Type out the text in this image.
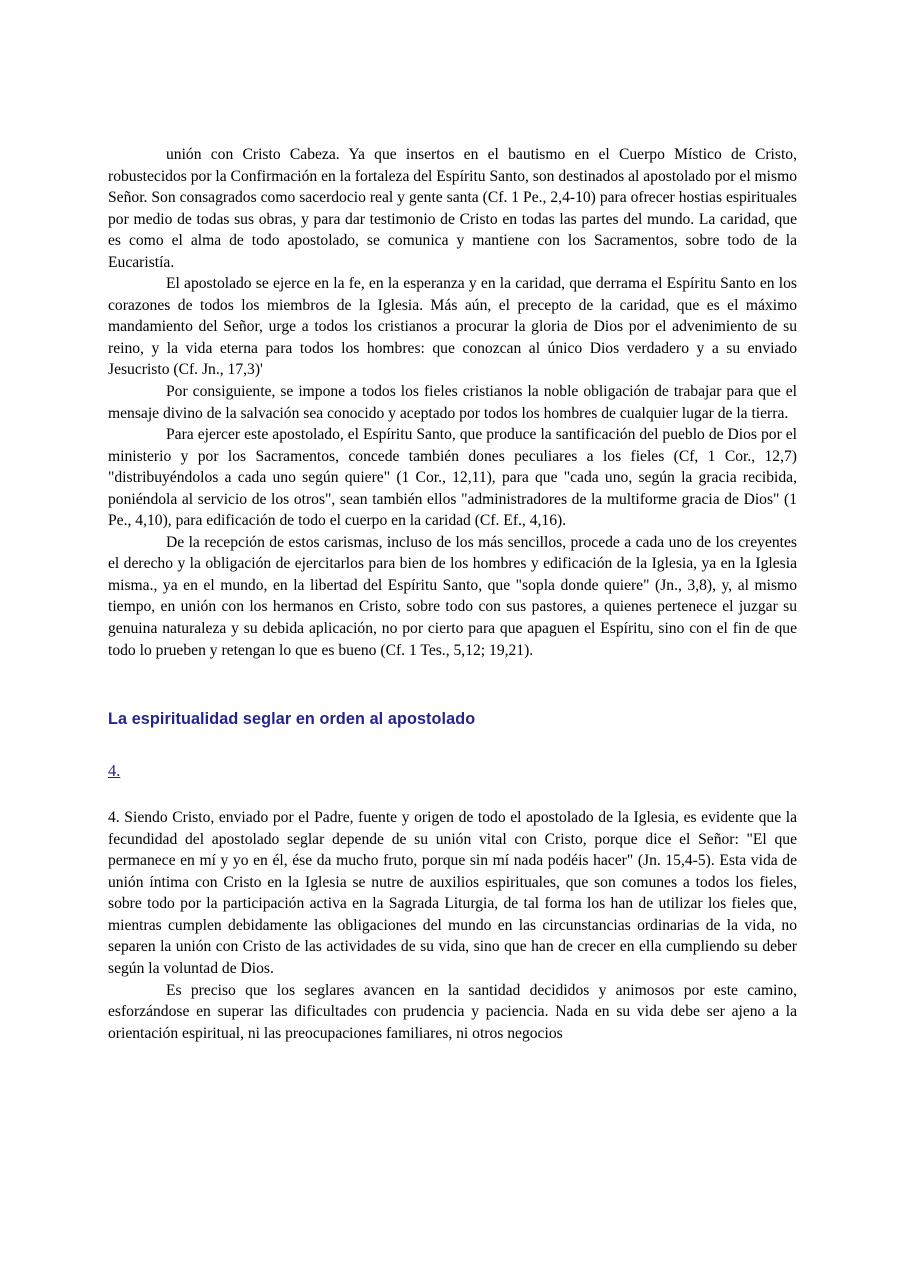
unión con Cristo Cabeza. Ya que insertos en el bautismo en el Cuerpo Místico de Cristo, robustecidos por la Confirmación en la fortaleza del Espíritu Santo, son destinados al apostolado por el mismo Señor. Son consagrados como sacerdocio real y gente santa (Cf. 1 Pe., 2,4-10) para ofrecer hostias espirituales por medio de todas sus obras, y para dar testimonio de Cristo en todas las partes del mundo. La caridad, que es como el alma de todo apostolado, se comunica y mantiene con los Sacramentos, sobre todo de la Eucaristía.

El apostolado se ejerce en la fe, en la esperanza y en la caridad, que derrama el Espíritu Santo en los corazones de todos los miembros de la Iglesia. Más aún, el precepto de la caridad, que es el máximo mandamiento del Señor, urge a todos los cristianos a procurar la gloria de Dios por el advenimiento de su reino, y la vida eterna para todos los hombres: que conozcan al único Dios verdadero y a su enviado Jesucristo (Cf. Jn., 17,3)'

Por consiguiente, se impone a todos los fieles cristianos la noble obligación de trabajar para que el mensaje divino de la salvación sea conocido y aceptado por todos los hombres de cualquier lugar de la tierra.

Para ejercer este apostolado, el Espíritu Santo, que produce la santificación del pueblo de Dios por el ministerio y por los Sacramentos, concede también dones peculiares a los fieles (Cf, 1 Cor., 12,7) "distribuyéndolos a cada uno según quiere" (1 Cor., 12,11), para que "cada uno, según la gracia recibida, poniéndola al servicio de los otros", sean también ellos "administradores de la multiforme gracia de Dios" (1 Pe., 4,10), para edificación de todo el cuerpo en la caridad (Cf. Ef., 4,16).

De la recepción de estos carismas, incluso de los más sencillos, procede a cada uno de los creyentes el derecho y la obligación de ejercitarlos para bien de los hombres y edificación de la Iglesia, ya en la Iglesia misma., ya en el mundo, en la libertad del Espíritu Santo, que "sopla donde quiere" (Jn., 3,8), y, al mismo tiempo, en unión con los hermanos en Cristo, sobre todo con sus pastores, a quienes pertenece el juzgar su genuina naturaleza y su debida aplicación, no por cierto para que apaguen el Espíritu, sino con el fin de que todo lo prueben y retengan lo que es bueno (Cf. 1 Tes., 5,12; 19,21).

La espiritualidad seglar en orden al apostolado
4.

4. Siendo Cristo, enviado por el Padre, fuente y origen de todo el apostolado de la Iglesia, es evidente que la fecundidad del apostolado seglar depende de su unión vital con Cristo, porque dice el Señor: "El que permanece en mí y yo en él, ése da mucho fruto, porque sin mí nada podéis hacer" (Jn. 15,4-5). Esta vida de unión íntima con Cristo en la Iglesia se nutre de auxilios espirituales, que son comunes a todos los fieles, sobre todo por la participación activa en la Sagrada Liturgia, de tal forma los han de utilizar los fieles que, mientras cumplen debidamente las obligaciones del mundo en las circunstancias ordinarias de la vida, no separen la unión con Cristo de las actividades de su vida, sino que han de crecer en ella cumpliendo su deber según la voluntad de Dios.

Es preciso que los seglares avancen en la santidad decididos y animosos por este camino, esforzándose en superar las dificultades con prudencia y paciencia. Nada en su vida debe ser ajeno a la orientación espiritual, ni las preocupaciones familiares, ni otros negocios
